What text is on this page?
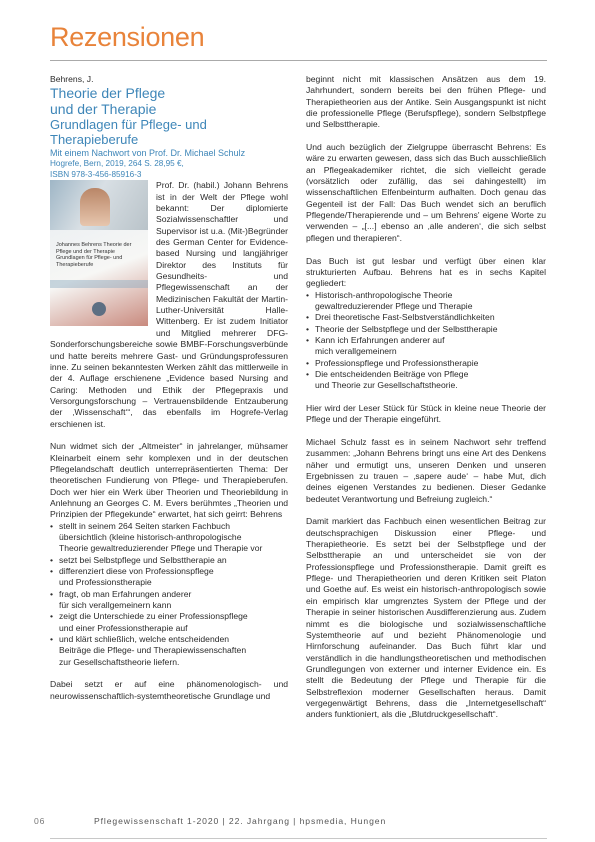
Rezensionen

Behrens, J.

Theorie der Pflege
und der Therapie

Grundlagen für Pflege- und
Therapieberufe

Mit einem Nachwort von Prof. Dr. Michael Schulz

Hogrefe, Bern, 2019, 264 S. 28,95 €,
ISBN 978-3-456-85916-3

Johannes Behrens Theorie der Pflege und der Therapie Grundlagen für Pflege- und Therapieberufe

Prof. Dr. (habil.) Johann Behrens ist in der Welt der Pflege wohl bekannt: Der diplomierte Sozialwissenschaftler und Supervisor ist u.a. (Mit-)Begründer des German Center for Evidence-based Nursing und langjähriger Direktor des Instituts für Gesundheits- und Pflegewissenschaft an der Medizinischen Fakultät der Martin-Luther-Universität Halle-Wittenberg. Er ist zudem Initiator und Mitglied mehrerer DFG-Sonderforschungsbereiche sowie BMBF-Forschungsverbünde und hatte bereits mehrere Gast- und Gründungsprofessuren inne. Zu seinen bekanntesten Werken zählt das mittlerweile in der 4. Auflage erschienene „Evidence based Nursing and Caring: Methoden und Ethik der Pflegepraxis und Versorgungsforschung – Vertrauensbildende Entzauberung der ‚Wissenschaft‘“, das ebenfalls im Hogrefe-Verlag erschienen ist.

Nun widmet sich der „Altmeister“ in jahrelanger, mühsamer Kleinarbeit einem sehr komplexen und in der deutschen Pflegelandschaft deutlich unterrepräsentierten Thema: Der theoretischen Fundierung von Pflege- und Therapieberufen. Doch wer hier ein Werk über Theorien und Theoriebildung in Anlehnung an Georges C. M. Evers berühmtes „Theorien und Prinzipien der Pflegekunde“ erwartet, hat sich geirrt: Behrens

• stellt in seinem 264 Seiten starken Fachbuch
übersichtlich (kleine historisch-anthropologische
Theorie gewaltreduzierender Pflege und Therapie vor
• setzt bei Selbstpflege und Selbsttherapie an
• differenziert diese von Professionspflege
und Professionstherapie
• fragt, ob man Erfahrungen anderer
für sich verallgemeinern kann
• zeigt die Unterschiede zu einer Professionspflege
und einer Professionstherapie auf
• und klärt schließlich, welche entscheidenden
Beiträge die Pflege- und Therapiewissenschaften
zur Gesellschaftstheorie liefern.

Dabei setzt er auf eine phänomenologisch- und neurowissenschaftlich-systemtheoretische Grundlage und

beginnt nicht mit klassischen Ansätzen aus dem 19. Jahrhundert, sondern bereits bei den frühen Pflege- und Therapietheorien aus der Antike. Sein Ausgangspunkt ist nicht die professionelle Pflege (Berufspflege), sondern Selbstpflege und Selbsttherapie.

Und auch bezüglich der Zielgruppe überrascht Behrens: Es wäre zu erwarten gewesen, dass sich das Buch ausschließlich an Pflegeakademiker richtet, die sich vielleicht gerade (vorsätzlich oder zufällig, das sei dahingestellt) im wissenschaftlichen Elfenbeinturm aufhalten. Doch genau das Gegenteil ist der Fall: Das Buch wendet sich an beruflich Pflegende/Therapierende und – um Behrens' eigene Worte zu verwenden – „[...] ebenso an ‚alle anderen‘, die sich selbst pflegen und therapieren“.

Das Buch ist gut lesbar und verfügt über einen klar strukturierten Aufbau. Behrens hat es in sechs Kapitel gegliedert:

• Historisch-anthropologische Theorie
gewaltreduzierender Pflege und Therapie
• Drei theoretische Fast-Selbstverständlichkeiten
• Theorie der Selbstpflege und der Selbsttherapie
• Kann ich Erfahrungen anderer auf
mich verallgemeinern
• Professionspflege und Professionstherapie
• Die entscheidenden Beiträge von Pflege
und Theorie zur Gesellschaftstheorie.

Hier wird der Leser Stück für Stück in kleine neue Theorie der Pflege und der Therapie eingeführt.

Michael Schulz fasst es in seinem Nachwort sehr treffend zusammen: „Johann Behrens bringt uns eine Art des Denkens näher und ermutigt uns, unseren Denken und unseren Ergebnissen zu trauen – ‚sapere aude‘ – habe Mut, dich deines eigenen Verstandes zu bedienen. Dieser Gedanke bedeutet Verantwortung und Befreiung zugleich.“

Damit markiert das Fachbuch einen wesentlichen Beitrag zur deutschsprachigen Diskussion einer Pflege- und Therapietheorie. Es setzt bei der Selbstpflege und der Selbsttherapie an und unterscheidet sie von der Professionspflege und Professionstherapie. Damit greift es Pflege- und Therapietheorien und deren Kritiken seit Platon und Goethe auf. Es weist ein historisch-anthropologisch sowie ein empirisch klar umgrenztes System der Pflege und der Therapie in seiner historischen Ausdifferenzierung aus. Zudem nimmt es die biologische und sozialwissenschaftliche Systemtheorie auf und bezieht Phänomenologie und Hirnforschung aufeinander. Das Buch führt klar und verständlich in die handlungstheoretischen und methodischen Grundlegungen von externer und interner Evidence ein. Es stellt die Bedeutung der Pflege und Therapie für die Selbstreflexion moderner Gesellschaften heraus. Damit vergegenwärtigt Behrens, dass die „Internetgesellschaft“ anders funktioniert, als die „Blutdruckgesellschaft“.

06	Pflegewissenschaft 1-2020 | 22. Jahrgang | hpsmedia, Hungen
